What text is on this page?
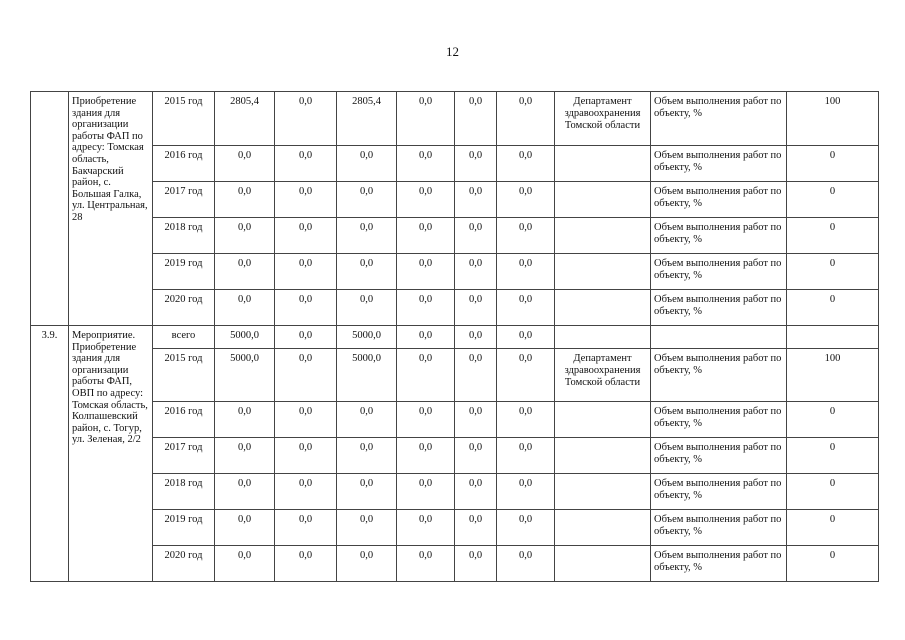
12
	Приобретение здания для организации работы ФАП по адресу: Томская область, Бакчарский район, с. Большая Галка, ул. Центральная, 28	2015 год	2805,4	0,0	2805,4	0,0	0,0	0,0	Департамент здравоохранения Томской области	Объем выполнения работ по объекту, %	100
		2016 год	0,0	0,0	0,0	0,0	0,0	0,0		Объем выполнения работ по объекту, %	0
		2017 год	0,0	0,0	0,0	0,0	0,0	0,0		Объем выполнения работ по объекту, %	0
		2018 год	0,0	0,0	0,0	0,0	0,0	0,0		Объем выполнения работ по объекту, %	0
		2019 год	0,0	0,0	0,0	0,0	0,0	0,0		Объем выполнения работ по объекту, %	0
		2020 год	0,0	0,0	0,0	0,0	0,0	0,0		Объем выполнения работ по объекту, %	0
3.9.	Мероприятие. Приобретение здания для организации работы ФАП, ОВП по адресу: Томская область, Колпашевский район, с. Тогур, ул. Зеленая, 2/2	всего	5000,0	0,0	5000,0	0,0	0,0	0,0			
		2015 год	5000,0	0,0	5000,0	0,0	0,0	0,0	Департамент здравоохранения Томской области	Объем выполнения работ по объекту, %	100
		2016 год	0,0	0,0	0,0	0,0	0,0	0,0		Объем выполнения работ по объекту, %	0
		2017 год	0,0	0,0	0,0	0,0	0,0	0,0		Объем выполнения работ по объекту, %	0
		2018 год	0,0	0,0	0,0	0,0	0,0	0,0		Объем выполнения работ по объекту, %	0
		2019 год	0,0	0,0	0,0	0,0	0,0	0,0		Объем выполнения работ по объекту, %	0
		2020 год	0,0	0,0	0,0	0,0	0,0	0,0		Объем выполнения работ по объекту, %	0
